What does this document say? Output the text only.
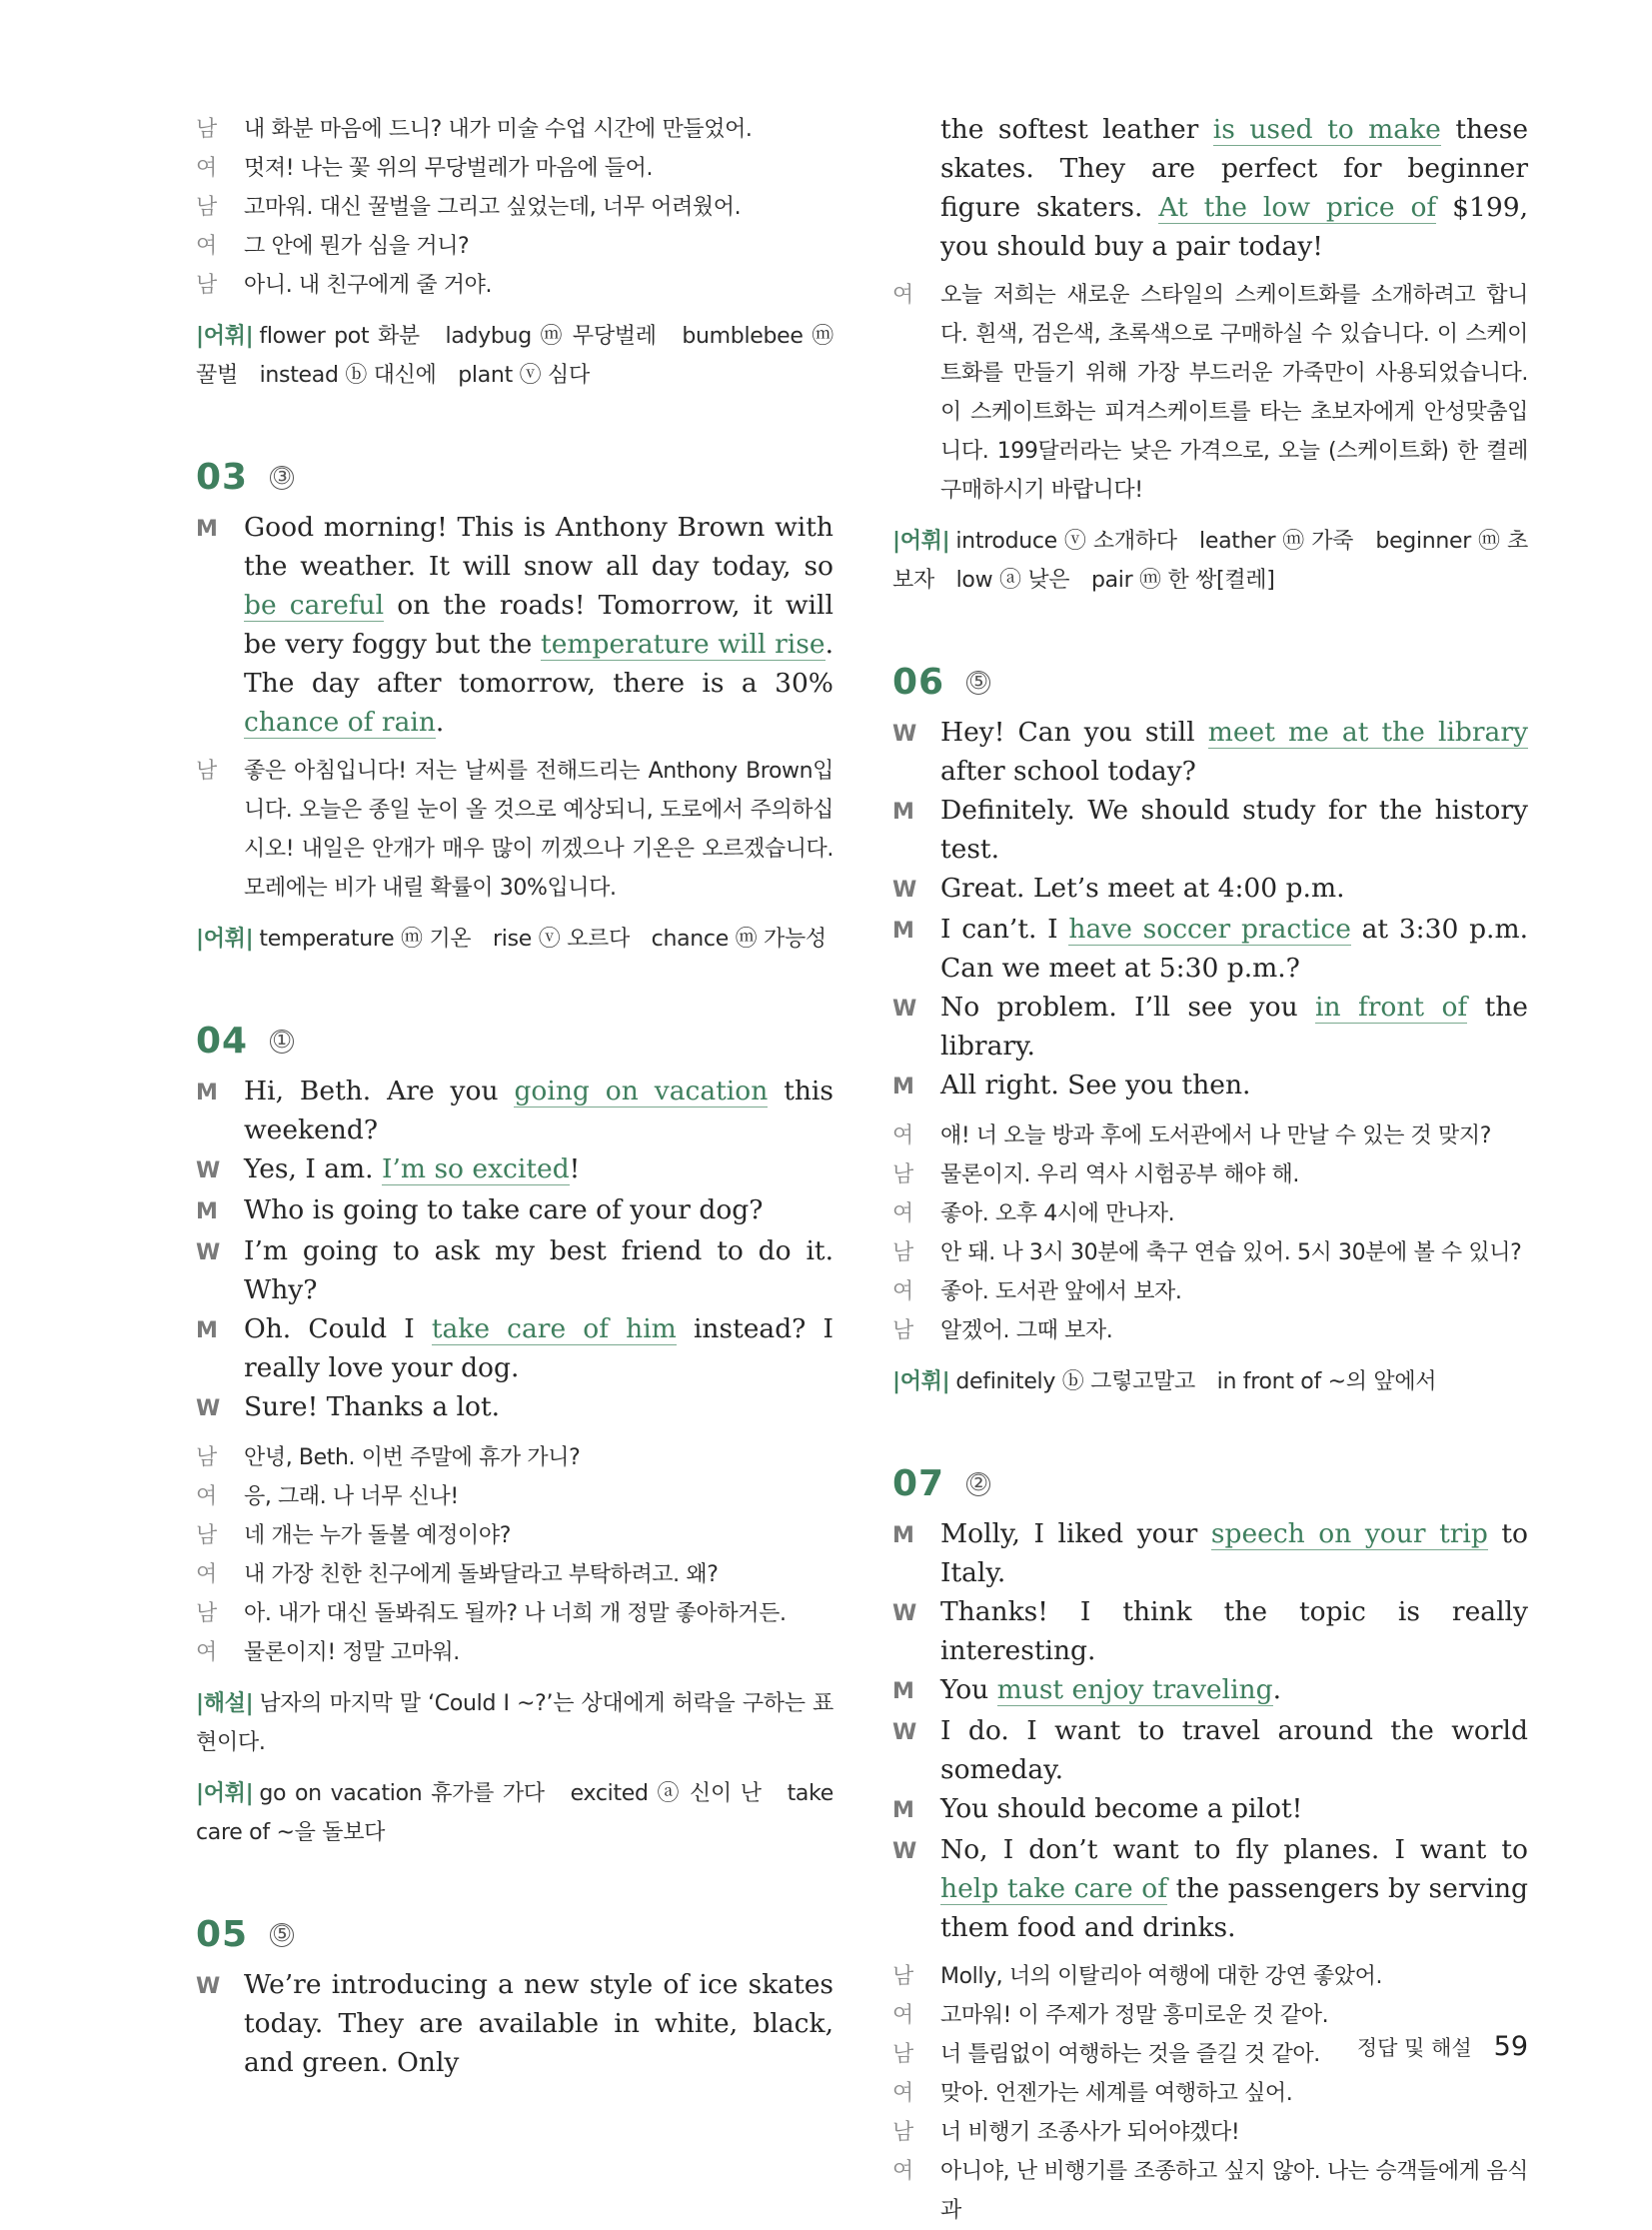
남	내 화분 마음에 드니? 내가 미술 수업 시간에 만들었어.
여	멋져! 나는 꽃 위의 무당벌레가 마음에 들어.
남	고마워. 대신 꿀벌을 그리고 싶었는데, 너무 어려웠어.
여	그 안에 뭔가 심을 거니?
남	아니. 내 친구에게 줄 거야.
|어휘| flower pot 화분　ladybug ⓜ 무당벌레　bumblebee ⓜ 꿀벌　instead ⓑ 대신에　plant ⓥ 심다
03 ③
M Good morning! This is Anthony Brown with the weather. It will snow all day today, so be careful on the roads! Tomorrow, it will be very foggy but the temperature will rise. The day after tomorrow, there is a 30% chance of rain.
남	좋은 아침입니다! 저는 날씨를 전해드리는 Anthony Brown입니다. 오늘은 종일 눈이 올 것으로 예상되니, 도로에서 주의하십시오! 내일은 안개가 매우 많이 끼겠으나 기온은 오르겠습니다. 모레에는 비가 내릴 확률이 30%입니다.
|어휘| temperature ⓜ 기온　rise ⓥ 오르다　chance ⓜ 가능성
04 ①
M Hi, Beth. Are you going on vacation this weekend?
W Yes, I am. I’m so excited!
M Who is going to take care of your dog?
W I’m going to ask my best friend to do it. Why?
M Oh. Could I take care of him instead? I really love your dog.
W Sure! Thanks a lot.
남	안녕, Beth. 이번 주말에 휴가 가니?
여	응, 그래. 나 너무 신나!
남	네 개는 누가 돌볼 예정이야?
여	내 가장 친한 친구에게 돌봐달라고 부탁하려고. 왜?
남	아. 내가 대신 돌봐줘도 될까? 나 너희 개 정말 좋아하거든.
여	물론이지! 정말 고마워.
|해설| 남자의 마지막 말 ‘Could I ~?’는 상대에게 허락을 구하는 표현이다.
|어휘| go on vacation 휴가를 가다　excited ⓐ 신이 난　take care of ~을 돌보다
05 ⑤
W We’re introducing a new style of ice skates today. They are available in white, black, and green. Only
the softest leather is used to make these skates. They are perfect for beginner figure skaters. At the low price of $199, you should buy a pair today!
여	오늘 저희는 새로운 스타일의 스케이트화를 소개하려고 합니다. 흰색, 검은색, 초록색으로 구매하실 수 있습니다. 이 스케이트화를 만들기 위해 가장 부드러운 가죽만이 사용되었습니다. 이 스케이트화는 피겨스케이트를 타는 초보자에게 안성맞춤입니다. 199달러라는 낮은 가격으로, 오늘 (스케이트화) 한 켤레 구매하시기 바랍니다!
|어휘| introduce ⓥ 소개하다　leather ⓜ 가죽　beginner ⓜ 초보자　low ⓐ 낮은　pair ⓜ 한 쌍[켤레]
06 ⑤
W Hey! Can you still meet me at the library after school today?
M Definitely. We should study for the history test.
W Great. Let’s meet at 4:00 p.m.
M I can’t. I have soccer practice at 3:30 p.m. Can we meet at 5:30 p.m.?
W No problem. I’ll see you in front of the library.
M All right. See you then.
여	얘! 너 오늘 방과 후에 도서관에서 나 만날 수 있는 것 맞지?
남	물론이지. 우리 역사 시험공부 해야 해.
여	좋아. 오후 4시에 만나자.
남	안 돼. 나 3시 30분에 축구 연습 있어. 5시 30분에 볼 수 있니?
여	좋아. 도서관 앞에서 보자.
남	알겠어. 그때 보자.
|어휘| definitely ⓑ 그렇고말고　in front of ~의 앞에서
07 ②
M Molly, I liked your speech on your trip to Italy.
W Thanks! I think the topic is really interesting.
M You must enjoy traveling.
W I do. I want to travel around the world someday.
M You should become a pilot!
W No, I don’t want to fly planes. I want to help take care of the passengers by serving them food and drinks.
남	Molly, 너의 이탈리아 여행에 대한 강연 좋았어.
여	고마워! 이 주제가 정말 흥미로운 것 같아.
남	너 틀림없이 여행하는 것을 즐길 것 같아.
여	맞아. 언젠가는 세계를 여행하고 싶어.
남	너 비행기 조종사가 되어야겠다!
여	아니야, 난 비행기를 조종하고 싶지 않아. 나는 승객들에게 음식과
정답 및 해설 59
